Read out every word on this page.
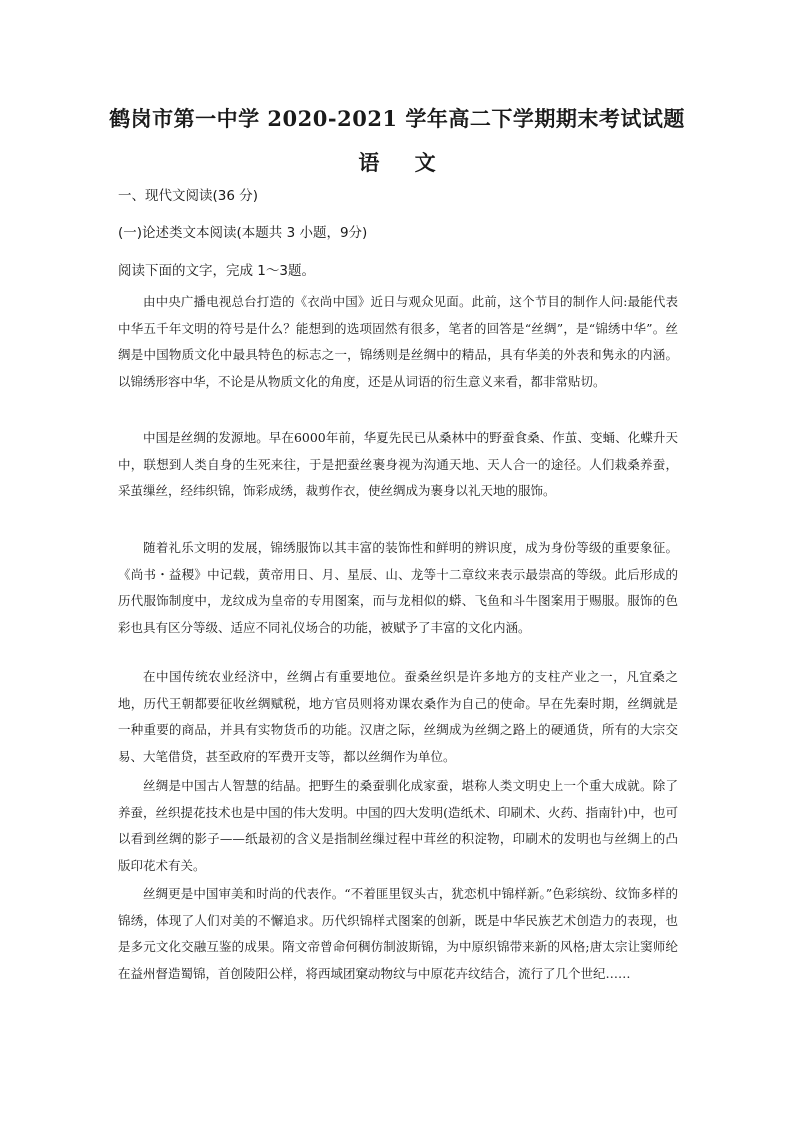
鹤岗市第一中学 2020-2021 学年高二下学期期末考试试题
语 文
一、现代文阅读(36 分)
(一)论述类文本阅读(本题共 3 小题，9分)
阅读下面的文字，完成 1～3题。

由中央广播电视总台打造的《衣尚中国》近日与观众见面。此前，这个节目的制作人问:最能代表中华五千年文明的符号是什么？能想到的选项固然有很多，笔者的回答是“丝绸”，是“锦绣中华”。丝绸是中国物质文化中最具特色的标志之一，锦绣则是丝绸中的精品，具有华美的外表和隽永的内涵。以锦绣形容中华，不论是从物质文化的角度，还是从词语的衍生意义来看，都非常贴切。

中国是丝绸的发源地。早在6000年前，华夏先民已从桑林中的野蚕食桑、作茧、变蛹、化蝶升天中，联想到人类自身的生死来往，于是把蚕丝裹身视为沟通天地、天人合一的途径。人们栽桑养蚕，采茧缫丝，经纬织锦，饰彩成绣，裁剪作衣，使丝绸成为裹身以礼天地的服饰。

随着礼乐文明的发展，锦绣服饰以其丰富的装饰性和鲜明的辨识度，成为身份等级的重要象征。《尚书・益稷》中记载，黄帝用日、月、星辰、山、龙等十二章纹来表示最崇高的等级。此后形成的历代服饰制度中，龙纹成为皇帝的专用图案，而与龙相似的蟒、飞鱼和斗牛图案用于赐服。服饰的色彩也具有区分等级、适应不同礼仪场合的功能，被赋予了丰富的文化内涵。

在中国传统农业经济中，丝绸占有重要地位。蚕桑丝织是许多地方的支柱产业之一，凡宜桑之地，历代王朝都要征收丝绸赋税，地方官员则将劝课农桑作为自己的使命。早在先秦时期，丝绸就是一种重要的商品，并具有实物货币的功能。汉唐之际，丝绸成为丝绸之路上的硬通货，所有的大宗交易、大笔借贷，甚至政府的军费开支等，都以丝绸作为单位。

丝绸是中国古人智慧的结晶。把野生的桑蚕驯化成家蚕，堪称人类文明史上一个重大成就。除了养蚕，丝织提花技术也是中国的伟大发明。中国的四大发明(造纸术、印刷术、火药、指南针)中，也可以看到丝绸的影子——纸最初的含义是指制丝缫过程中茸丝的积淀物，印刷术的发明也与丝绸上的凸版印花术有关。

丝绸更是中国审美和时尚的代表作。“不着匪里钗头古，犹恋机中锦样新。”色彩缤纷、纹饰多样的锦绣，体现了人们对美的不懈追求。历代织锦样式图案的创新，既是中华民族艺术创造力的表现，也是多元文化交融互鉴的成果。隋文帝曾命何稠仿制波斯锦，为中原织锦带来新的风格;唐太宗让窦师纶在益州督造蜀锦，首创陵阳公样，将西域团窠动物纹与中原花卉纹结合，流行了几个世纪……
